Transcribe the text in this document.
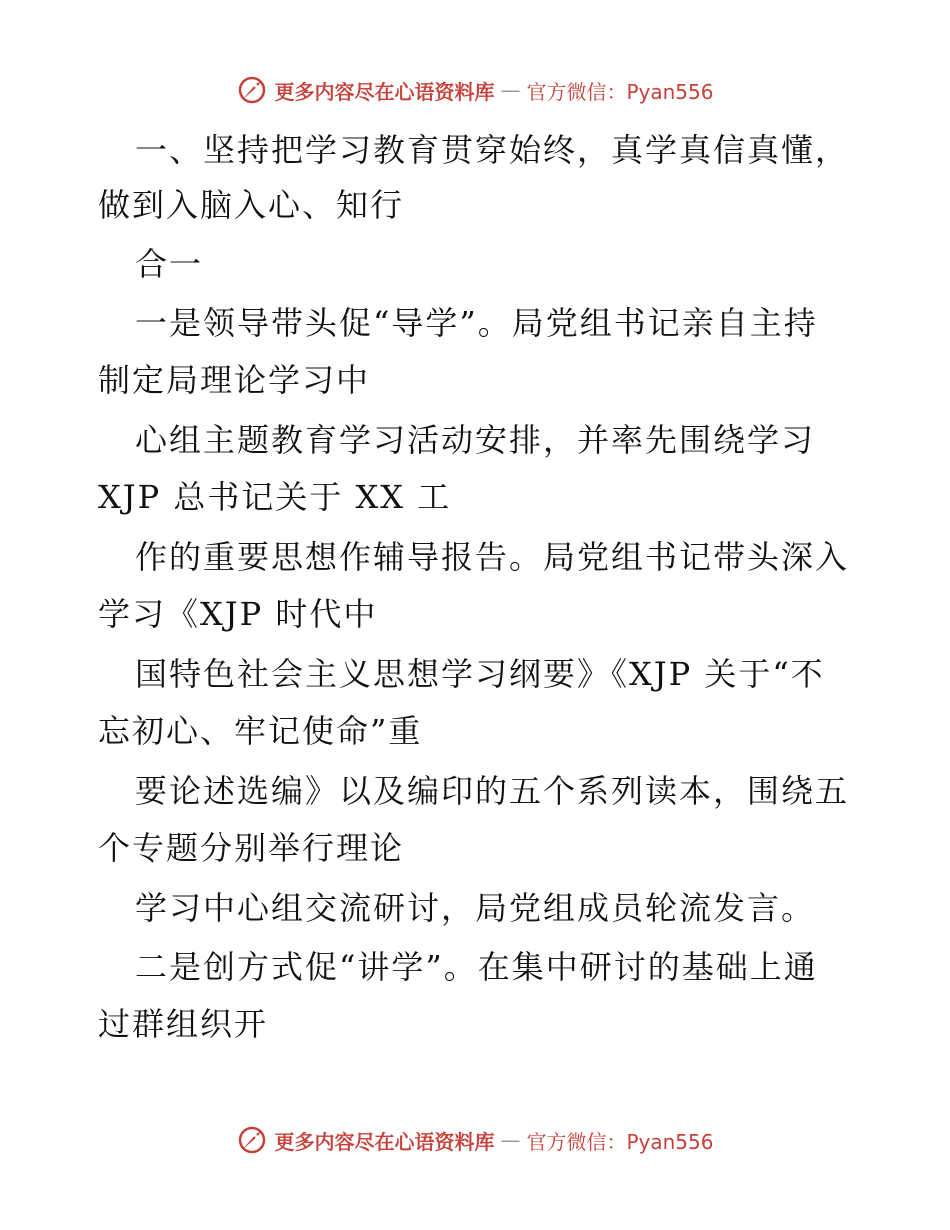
更多内容尽在心语资料库 — 官方微信：Pyan556
一、坚持把学习教育贯穿始终，真学真信真懂，
做到入脑入心、知行
合一
一是领导带头促“导学”。局党组书记亲自主持
制定局理论学习中
心组主题教育学习活动安排，并率先围绕学习
XJP 总书记关于 XX 工
作的重要思想作辅导报告。局党组书记带头深入
学习《XJP 时代中
国特色社会主义思想学习纲要》《XJP 关于“不
忘初心、牢记使命”重
要论述选编》以及编印的五个系列读本，围绕五
个专题分别举行理论
学习中心组交流研讨，局党组成员轮流发言。
二是创方式促“讲学”。在集中研讨的基础上通
过群组织开
更多内容尽在心语资料库 — 官方微信：Pyan556
